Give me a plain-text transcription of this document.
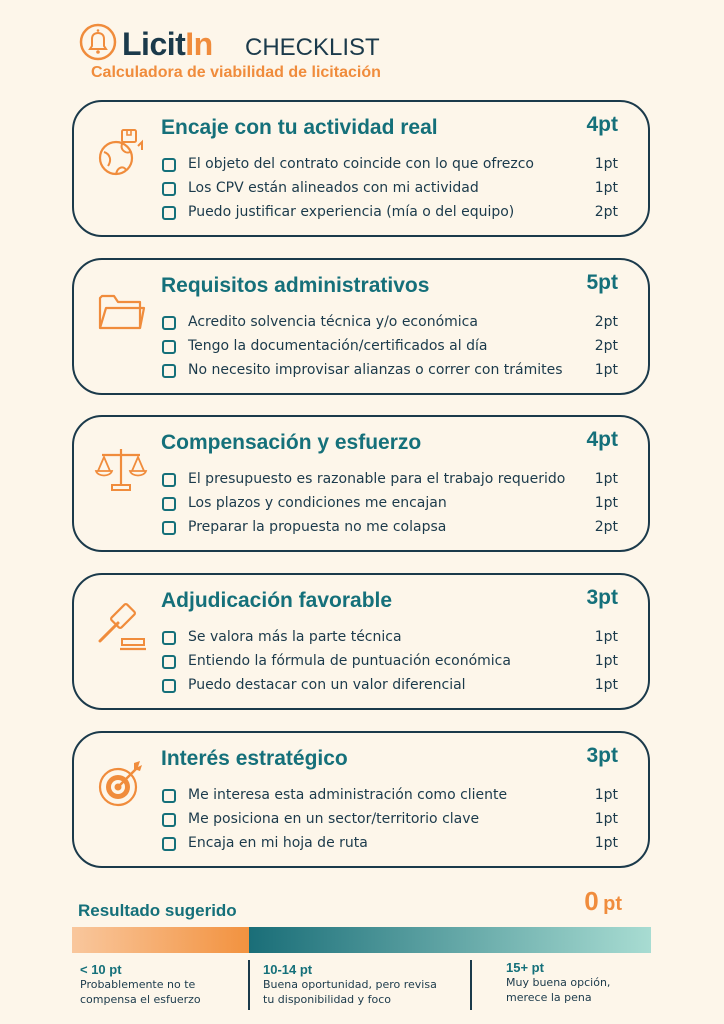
LicitIn CHECKLIST
Calculadora de viabilidad de licitación
Encaje con tu actividad real	4pt
El objeto del contrato coincide con lo que ofrezco	1pt
Los CPV están alineados con mi actividad	1pt
Puedo justificar experiencia (mía o del equipo)	2pt
Requisitos administrativos	5pt
Acredito solvencia técnica y/o económica	2pt
Tengo la documentación/certificados al día	2pt
No necesito improvisar alianzas o correr con trámites 1pt
Compensación y esfuerzo	4pt
El presupuesto es razonable para el trabajo requerido 1pt
Los plazos y condiciones me encajan	1pt
Preparar la propuesta no me colapsa	2pt
Adjudicación favorable	3pt
Se valora más la parte técnica	1pt
Entiendo la fórmula de puntuación económica	1pt
Puedo destacar con un valor diferencial	1pt
Interés estratégico	3pt
Me interesa esta administración como cliente	1pt
Me posiciona en un sector/territorio clave	1pt
Encaja en mi hoja de ruta	1pt
Resultado sugerido	0 pt
< 10 pt
Probablemente no te
compensa el esfuerzo
10-14 pt
Buena oportunidad, pero revisa
tu disponibilidad y foco
15+ pt
Muy buena opción,
merece la pena
